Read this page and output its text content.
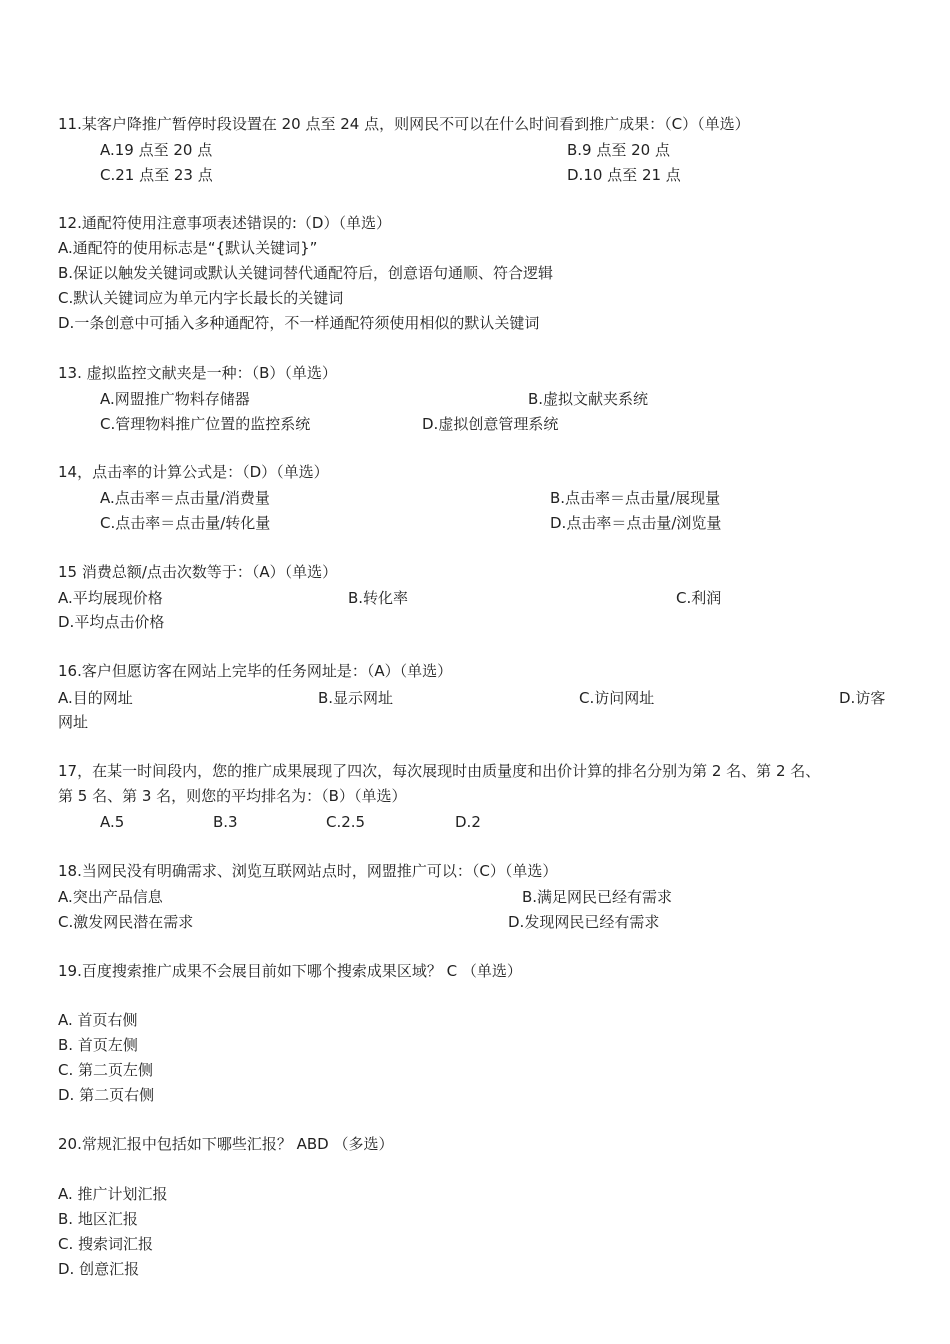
11.某客户降推广暂停时段设置在 20 点至 24 点，则网民不可以在什么时间看到推广成果：（C）（单选）
A.19 点至 20 点	B.9 点至 20 点
C.21 点至 23 点	D.10 点至 21 点
12.通配符使用注意事项表述错误的:（D）（单选）
A.通配符的使用标志是“{默认关键词}”
B.保证以触发关键词或默认关键词替代通配符后，创意语句通顺、符合逻辑
C.默认关键词应为单元内字长最长的关键词
D.一条创意中可插入多种通配符，不一样通配符须使用相似的默认关键词
13. 虚拟监控文献夹是一种：（B）（单选）
A.网盟推广物料存储器	B.虚拟文献夹系统
C.管理物料推广位置的监控系统	D.虚拟创意管理系统
14，点击率的计算公式是：（D）（单选）
A.点击率＝点击量/消费量	B.点击率＝点击量/展现量
C.点击率＝点击量/转化量	D.点击率＝点击量/浏览量
15 消费总额/点击次数等于：（A）（单选）
A.平均展现价格	B.转化率	C.利润
D.平均点击价格
16.客户但愿访客在网站上完毕的任务网址是：（A）（单选）
A.目的网址	B.显示网址	C.访问网址	D.访客
网址
17，在某一时间段内，您的推广成果展现了四次，每次展现时由质量度和出价计算的排名分别为第 2 名、第 2 名、
第 5 名、第 3 名，则您的平均排名为：（B）（单选）
A.5	B.3	C.2.5	D.2
18.当网民没有明确需求、浏览互联网站点时，网盟推广可以：（C）（单选）
A.突出产品信息	B.满足网民已经有需求
C.激发网民潜在需求	D.发现网民已经有需求
19.百度搜索推广成果不会展目前如下哪个搜索成果区域？ C （单选）
A. 首页右侧
B. 首页左侧
C. 第二页左侧
D. 第二页右侧
20.常规汇报中包括如下哪些汇报？ ABD （多选）
A. 推广计划汇报
B. 地区汇报
C. 搜索词汇报
D. 创意汇报
